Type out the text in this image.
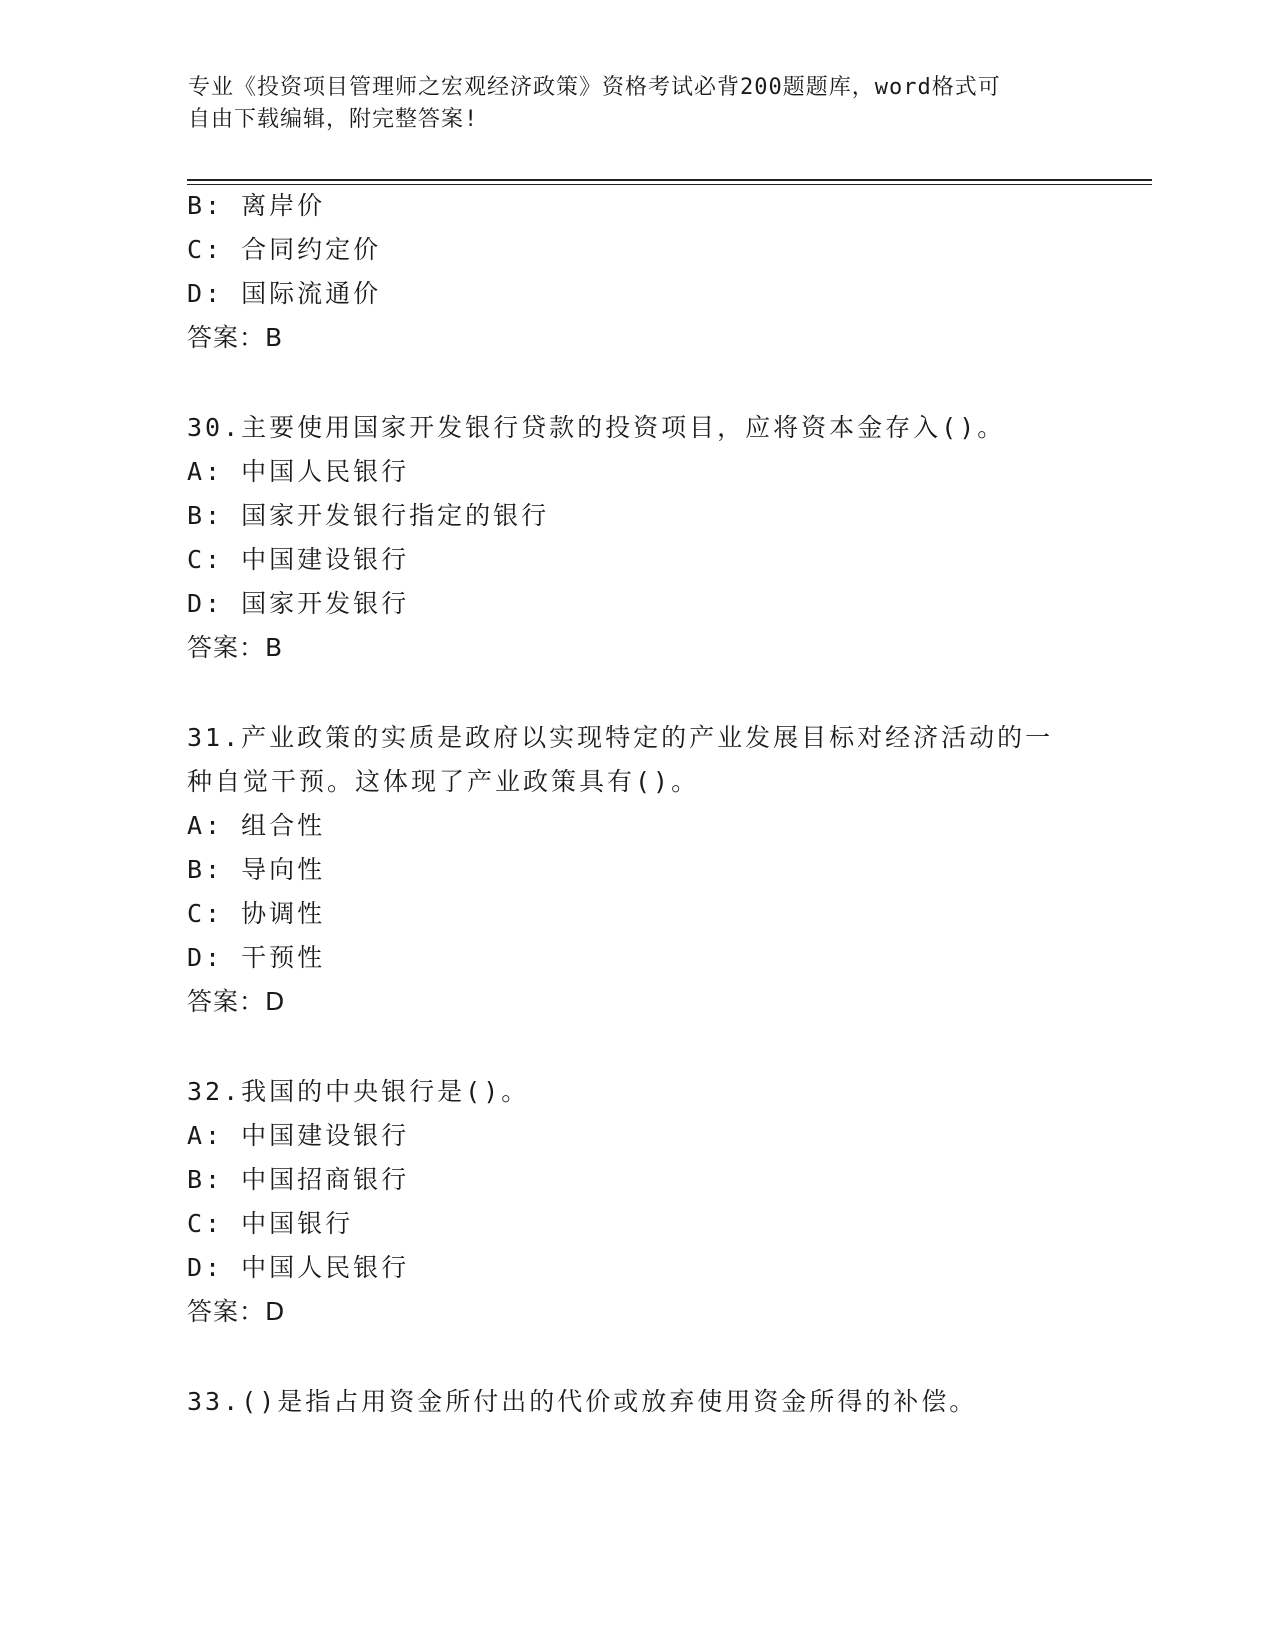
专业《投资项目管理师之宏观经济政策》资格考试必背200题题库，word格式可
自由下载编辑，附完整答案!
B: 离岸价
C: 合同约定价
D: 国际流通价
答案：B
30.主要使用国家开发银行贷款的投资项目，应将资本金存入()。
A: 中国人民银行
B: 国家开发银行指定的银行
C: 中国建设银行
D: 国家开发银行
答案：B
31.产业政策的实质是政府以实现特定的产业发展目标对经济活动的一
种自觉干预。这体现了产业政策具有()。
A: 组合性
B: 导向性
C: 协调性
D: 干预性
答案：D
32.我国的中央银行是()。
A: 中国建设银行
B: 中国招商银行
C: 中国银行
D: 中国人民银行
答案：D
33.()是指占用资金所付出的代价或放弃使用资金所得的补偿。
